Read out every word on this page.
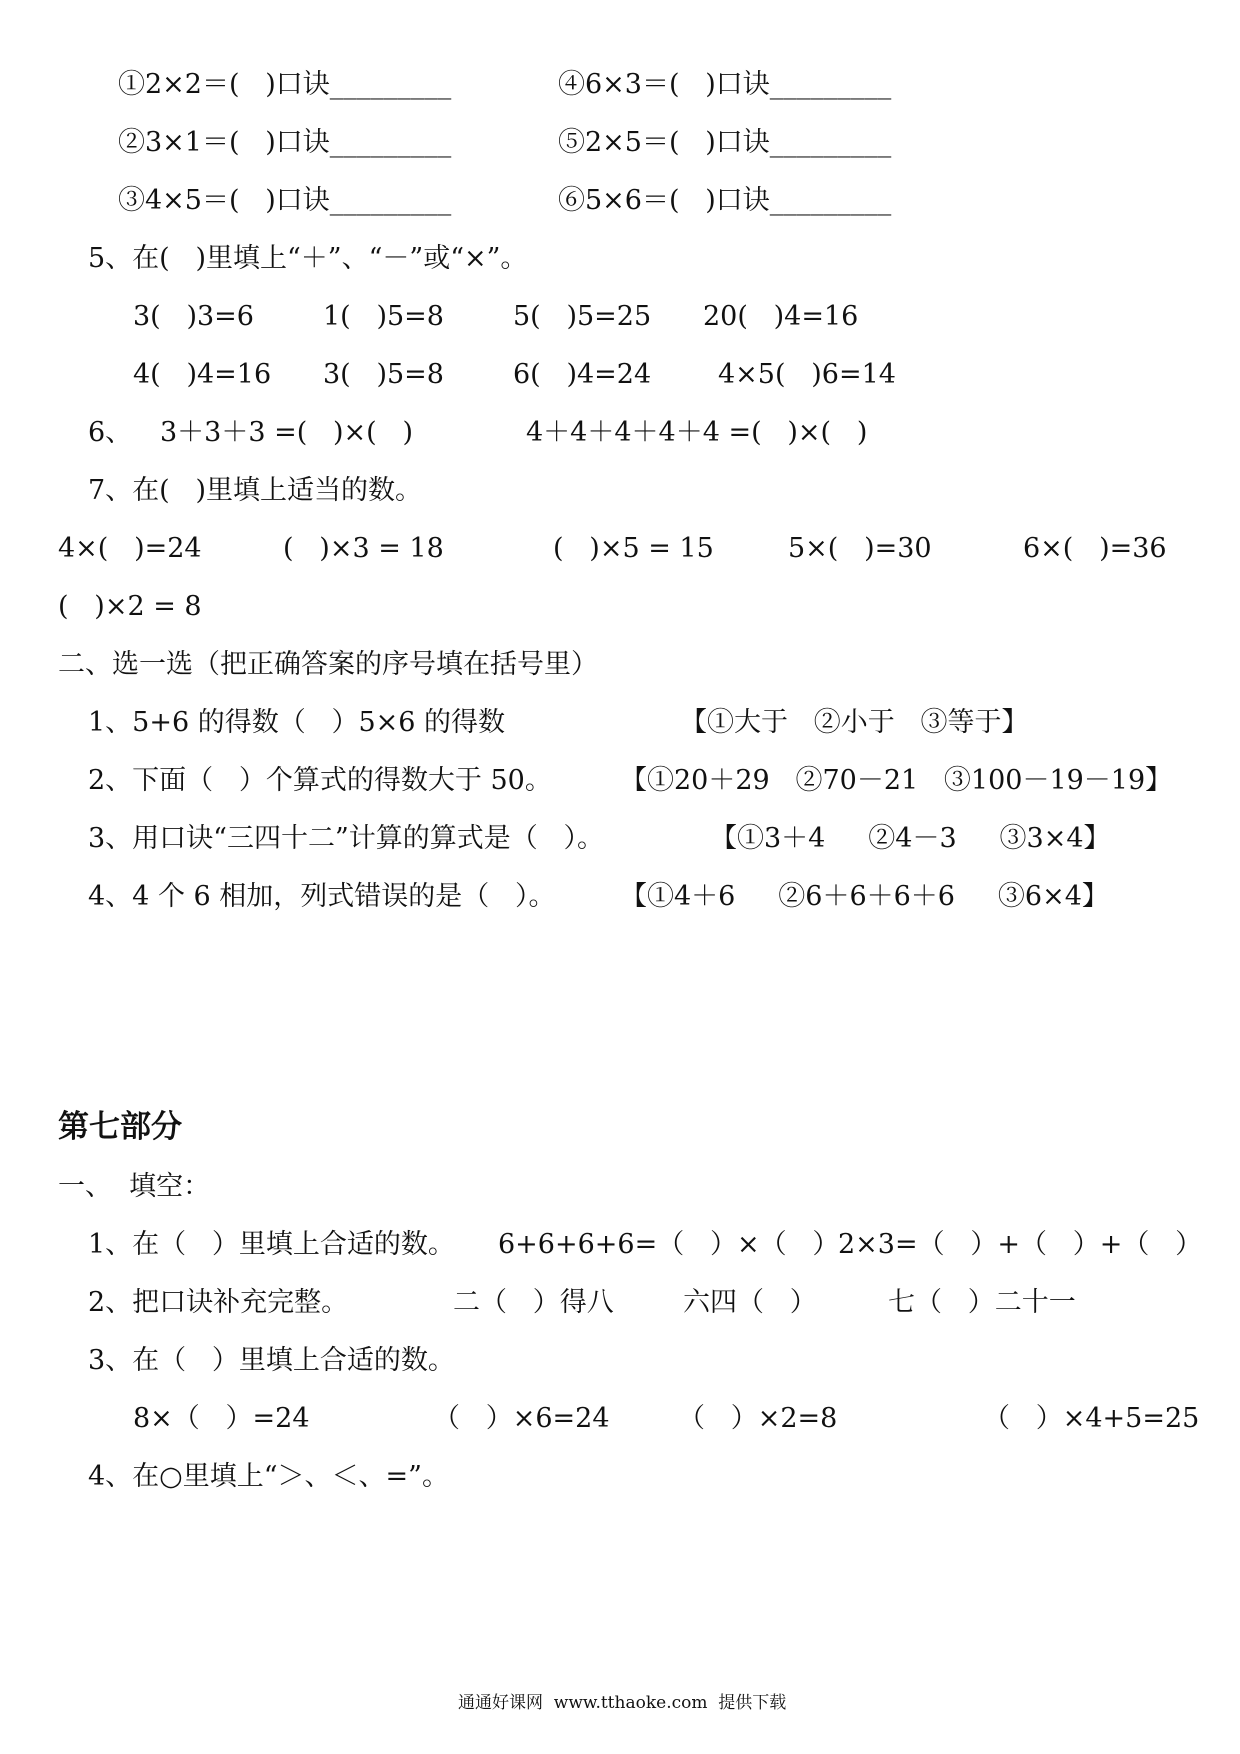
①2×2＝(   )口诀_________	④6×3＝(   )口诀_________
②3×1＝(   )口诀_________	⑤2×5＝(   )口诀_________
③4×5＝(   )口诀_________	⑥5×6＝(   )口诀_________
5、在(   )里填上“＋”、“－”或“×”。
3(   )3=6	1(   )5=8	5(   )5=25 20(   )4=16
4(   )4=16 3(   )5=8	6(   )4=24 4×5(   )6=14
6、 3＋3＋3 =(   )×(   )	4＋4＋4＋4＋4 =(   )×(   )
7、在(   )里填上适当的数。
4×(   )=24	(   )×3 = 18	(   )×5 = 15	5×(   )=30	6×(   )=36
(   )×2 = 8
二、选一选（把正确答案的序号填在括号里）
1、5+6 的得数（   ）5×6 的得数	【①大于   ②小于   ③等于】
2、下面（   ）个算式的得数大于 50。	【①20＋29   ②70－21   ③100－19－19】
3、用口诀“三四十二”计算的算式是（   ）。	【①3＋4     ②4－3     ③3×4】
4、4 个 6 相加，列式错误的是（   ）。 【①4＋6     ②6＋6＋6＋6     ③6×4】
第七部分
一、  填空：
1、在（   ）里填上合适的数。 6+6+6+6=（   ）×（   ）
2×3=（   ）+（   ）+（   ）
2、把口诀补充完整。	二（   ）得八	六四（   ）	七（   ）二十一
3、在（   ）里填上合适的数。
8×（   ）=24	（   ）×6=24	（   ）×2=8	（   ）×4+5=25
4、在○里填上“＞、＜、=”。
通通好课网  www.tthaoke.com  提供下载
